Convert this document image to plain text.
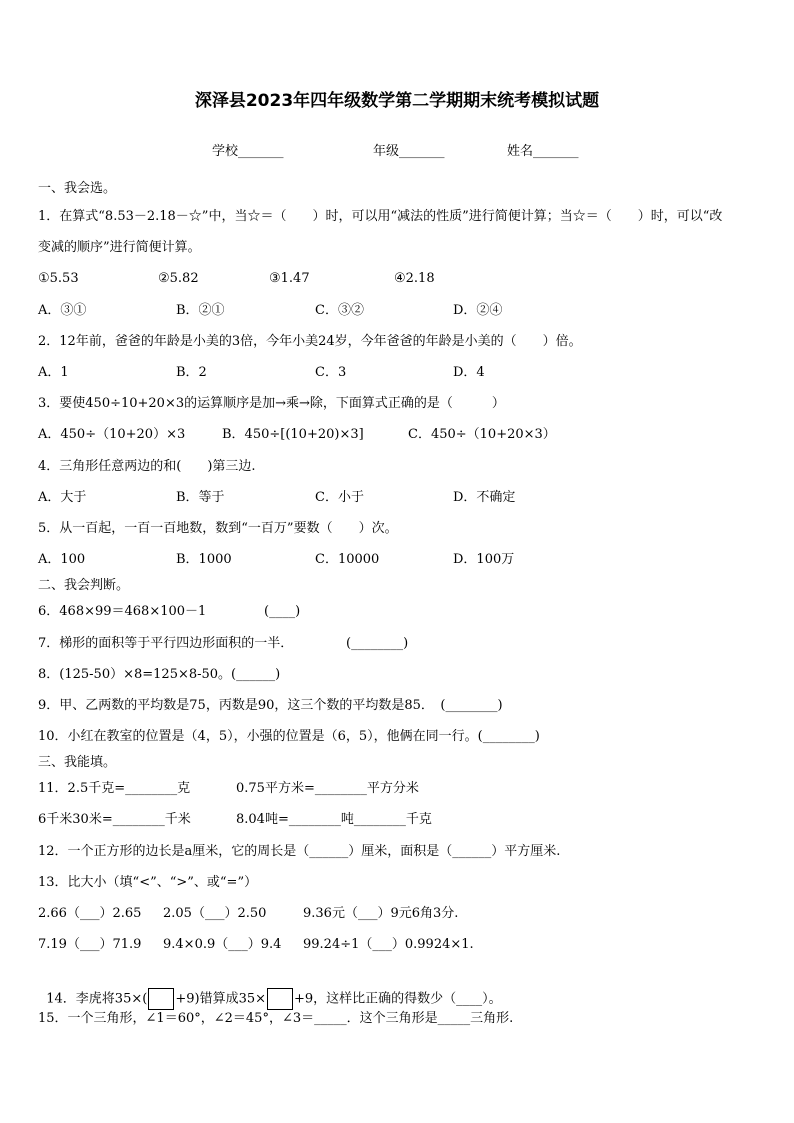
深泽县2023年四年级数学第二学期期末统考模拟试题
学校_______	年级_______	姓名_______
一、我会选。
1．在算式“8.53－2.18－☆”中，当☆＝（　　）时，可以用“减法的性质”进行简便计算；当☆＝（　　）时，可以“改
变减的顺序”进行简便计算。
①5.53	②5.82	③1.47	④2.18
A．③①	B．②①	C．③②	D．②④
2．12年前，爸爸的年龄是小美的3倍，今年小美24岁，今年爸爸的年龄是小美的（　　）倍。
A．1	B．2	C．3	D．4
3．要使450÷10+20×3的运算顺序是加→乘→除，下面算式正确的是（　　　）
A．450÷（10+20）×3	B．450÷[(10+20)×3]	C．450÷（10+20×3）
4．三角形任意两边的和(　　)第三边.
A．大于	B．等于	C．小于	D．不确定
5．从一百起，一百一百地数，数到“一百万”要数（　　）次。
A．100	B．1000	C．10000	D．100万
二、我会判断。
6．468×99＝468×100－1	(____)
7．梯形的面积等于平行四边形面积的一半．	(________)
8．(125-50）×8=125×8-50。(______)
9．甲、乙两数的平均数是75，丙数是90，这三个数的平均数是85．　(________)
10．小红在教室的位置是（4，5），小强的位置是（6，5），他俩在同一行。(________)
三、我能填。
11．2.5千克=________克	0.75平方米=________平方分米
6千米30米=________千米	8.04吨=________吨________千克
12．一个正方形的边长是a厘米，它的周长是（______）厘米，面积是（______）平方厘米.
13．比大小（填“<”、“>”、或“=”）
2.66（___）2.65 2.05（___）2.50	9.36元（___）9元6角3分.
7.19（___）71.9 9.4×0.9（___）9.4 99.24÷1（___）0.9924×1.

14．李虎将35×( +9)错算成35× +9，这样比正确的得数少（____）。

15．一个三角形，∠1＝60°，∠2＝45°，∠3＝_____．这个三角形是_____三角形.
